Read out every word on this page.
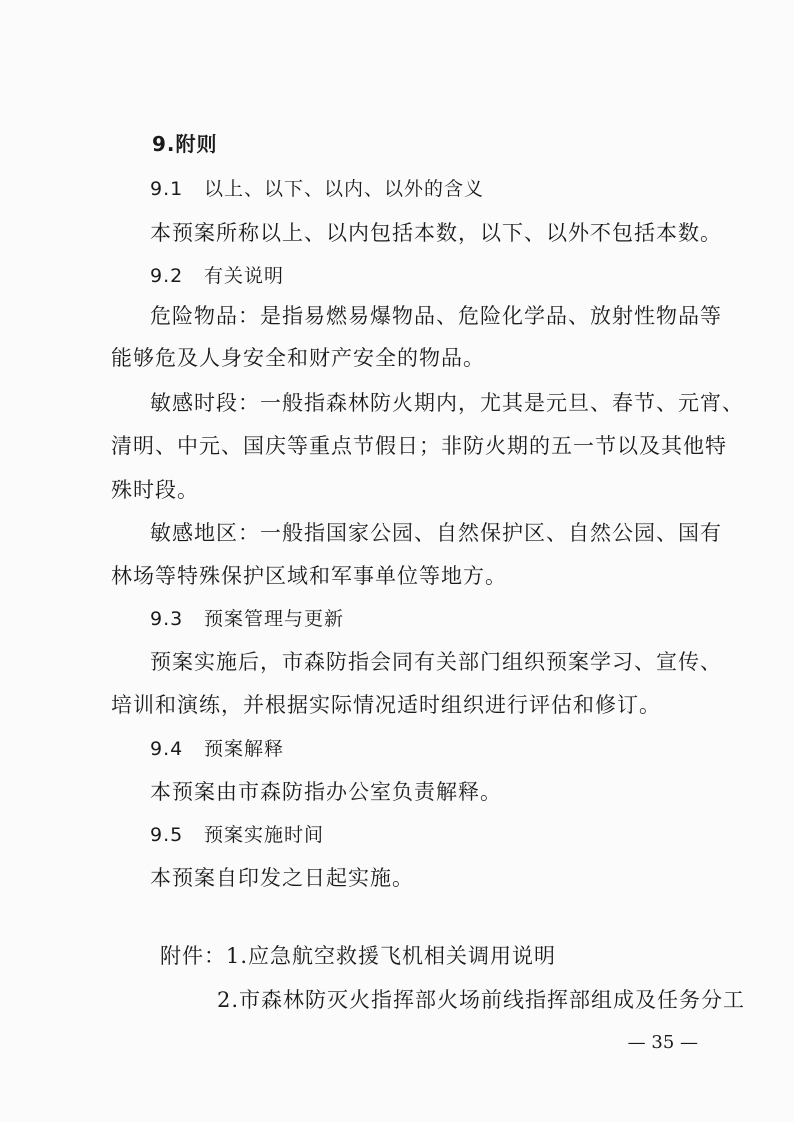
9.附则
9.1 以上、以下、以内、以外的含义
本预案所称以上、以内包括本数，以下、以外不包括本数。
9.2 有关说明
危险物品：是指易燃易爆物品、危险化学品、放射性物品等
能够危及人身安全和财产安全的物品。
敏感时段：一般指森林防火期内，尤其是元旦、春节、元宵、
清明、中元、国庆等重点节假日；非防火期的五一节以及其他特
殊时段。
敏感地区：一般指国家公园、自然保护区、自然公园、国有
林场等特殊保护区域和军事单位等地方。
9.3 预案管理与更新
预案实施后，市森防指会同有关部门组织预案学习、宣传、
培训和演练，并根据实际情况适时组织进行评估和修订。
9.4 预案解释
本预案由市森防指办公室负责解释。
9.5 预案实施时间
本预案自印发之日起实施。
附件：1.应急航空救援飞机相关调用说明
2.市森林防灭火指挥部火场前线指挥部组成及任务分工
— 35 —
